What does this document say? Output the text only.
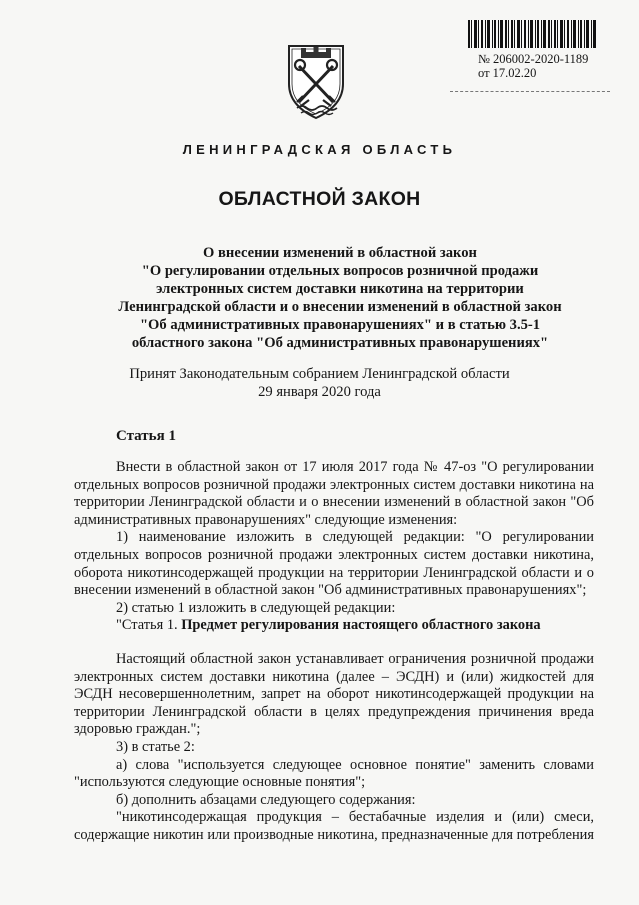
№ 206002-2020-1189
от 17.02.20
ЛЕНИНГРАДСКАЯ ОБЛАСТЬ
ОБЛАСТНОЙ ЗАКОН
О внесении изменений в областной закон
"О регулировании отдельных вопросов розничной продажи
электронных систем доставки никотина на территории
Ленинградской области и о внесении изменений в областной закон
"Об административных правонарушениях" и в статью 3.5-1
областного закона "Об административных правонарушениях"
Принят Законодательным собранием Ленинградской области
29 января 2020 года
Статья 1
Внести в областной закон от 17 июля 2017 года № 47-оз "О регулировании отдельных вопросов розничной продажи электронных систем доставки никотина на территории Ленинградской области и о внесении изменений в областной закон "Об административных правонарушениях" следующие изменения:
1) наименование изложить в следующей редакции: "О регулировании отдельных вопросов розничной продажи электронных систем доставки никотина, оборота никотинсодержащей продукции на территории Ленинградской области и о внесении изменений в областной закон "Об административных правонарушениях";
2) статью 1 изложить в следующей редакции:
"Статья 1. Предмет регулирования настоящего областного закона
Настоящий областной закон устанавливает ограничения розничной продажи электронных систем доставки никотина (далее – ЭСДН) и (или) жидкостей для ЭСДН несовершеннолетним, запрет на оборот никотинсодержащей продукции на территории Ленинградской области в целях предупреждения причинения вреда здоровью граждан.";
3) в статье 2:
а) слова "используется следующее основное понятие" заменить словами "используются следующие основные понятия";
б) дополнить абзацами следующего содержания:
"никотинсодержащая продукция – бестабачные изделия и (или) смеси, содержащие никотин или производные никотина, предназначенные для потребления
